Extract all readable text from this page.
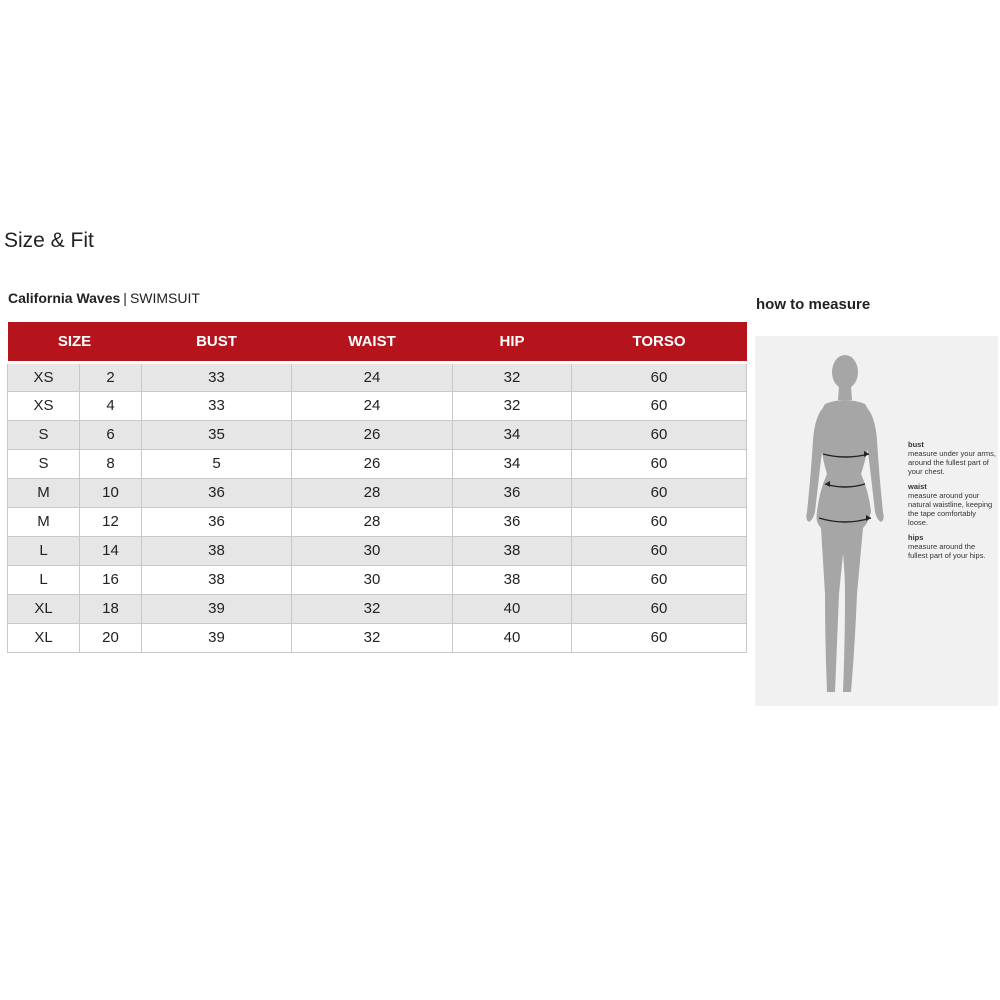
Size & Fit
California Waves | SWIMSUIT
SIZE		BUST	WAIST	HIP	TORSO
XS	2	33	24	32	60
XS	4	33	24	32	60
S	6	35	26	34	60
S	8	5	26	34	60
M	10	36	28	36	60
M	12	36	28	36	60
L	14	38	30	38	60
L	16	38	30	38	60
XL	18	39	32	40	60
XL	20	39	32	40	60
how to measure
bust
measure under your arms, around the fullest part of your chest.
waist
measure around your natural waistline, keeping the tape comfortably loose.
hips
measure around the fullest part of your hips.
